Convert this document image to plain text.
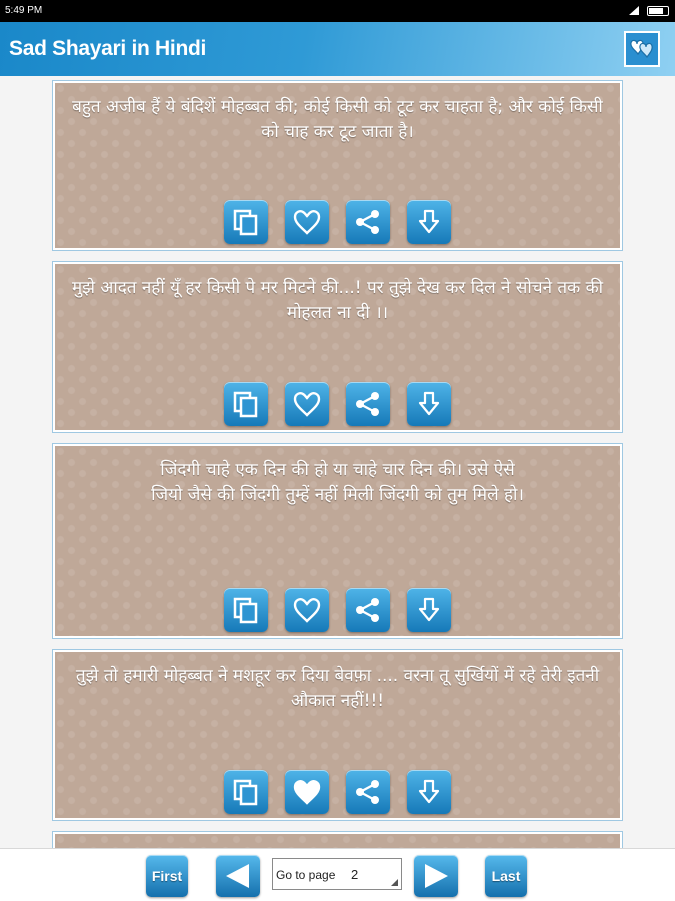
5:49 PM
Sad Shayari in Hindi
बहुत अजीब हैं ये बंदिशें मोहब्बत की; कोई किसी को टूट कर चाहता है; और कोई किसी को चाह कर टूट जाता है।
मुझे आदत नहीं यूँ हर किसी पे मर मिटने की...! पर तुझे देख कर दिल ने सोचने तक की मोहलत ना दी ।।
जिंदगी चाहे एक दिन की हो या चाहे चार दिन की। उसे ऐसे जियो जैसे की जिंदगी तुम्हें नहीं मिली जिंदगी को तुम मिले हो।
तुझे तो हमारी मोहब्बत ने मशहूर कर दिया बेवफ़ा .... वरना तू सुर्खियों में रहे तेरी इतनी औकात नहीं!!!
First	Go to page 2	Last
